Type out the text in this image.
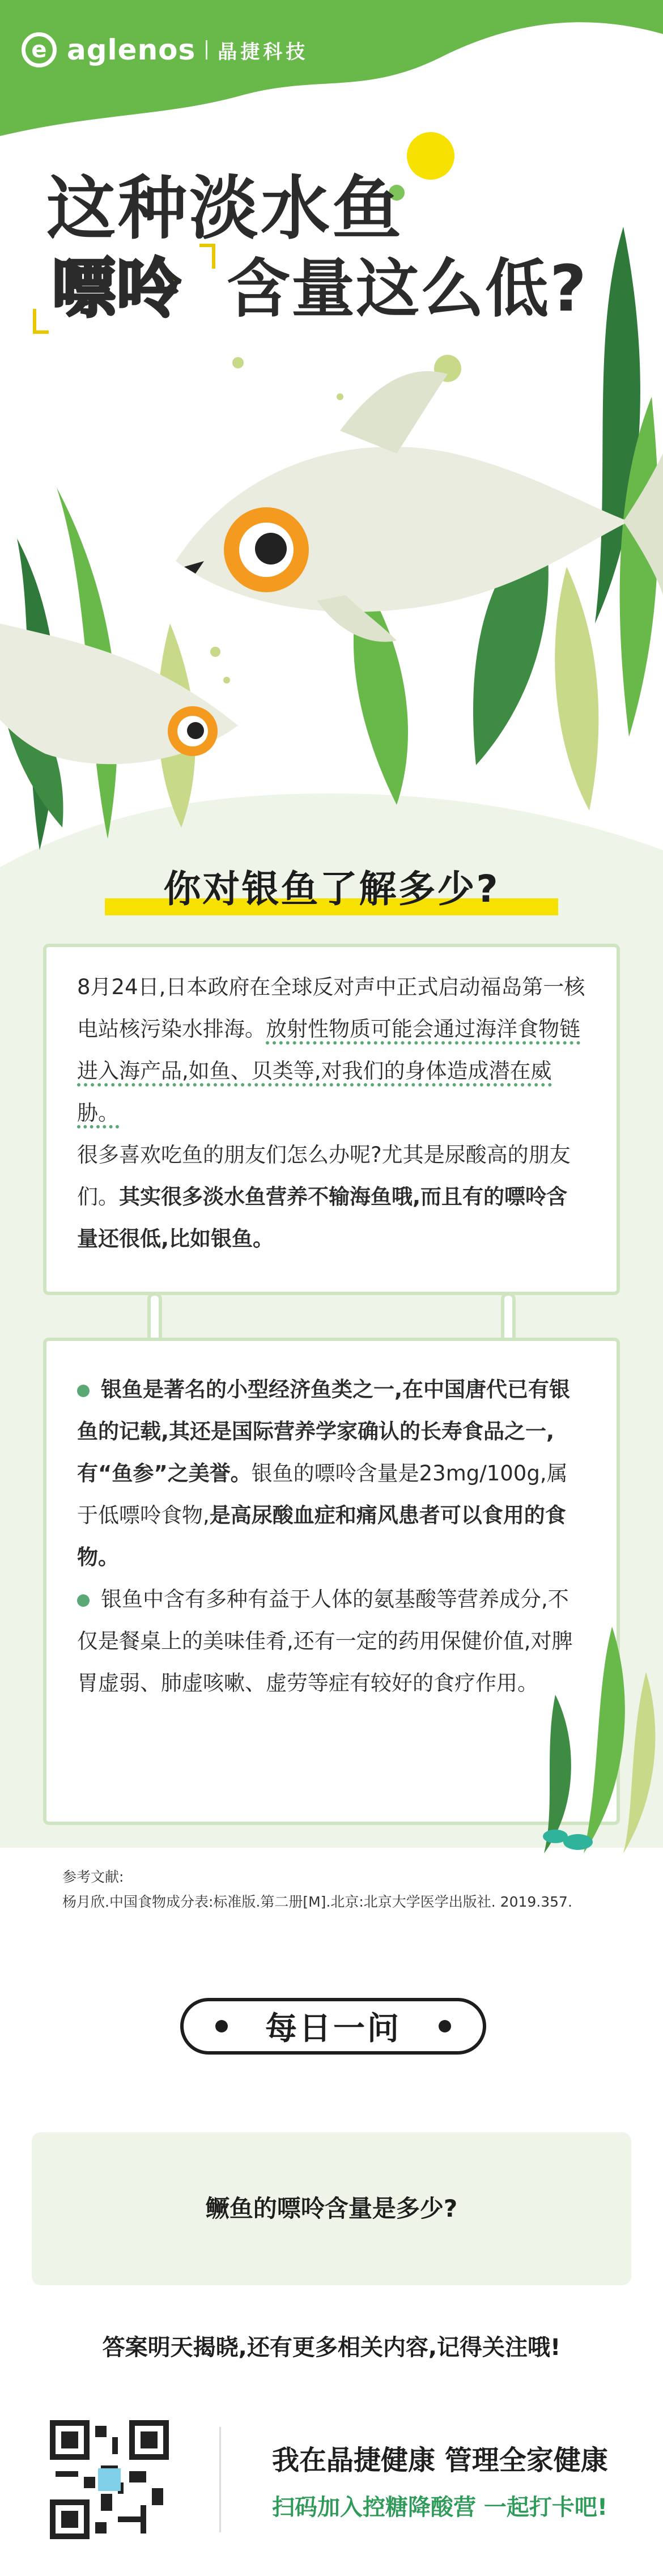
e aglenos 晶捷科技
这种淡水鱼
嘌呤 含量这么低?
你对银鱼了解多少?
8月24日,日本政府在全球反对声中正式启动福岛第一核电站核污染水排海。放射性物质可能会通过海洋食物链进入海产品,如鱼、贝类等,对我们的身体造成潜在威胁。
很多喜欢吃鱼的朋友们怎么办呢?尤其是尿酸高的朋友们。其实很多淡水鱼营养不输海鱼哦,而且有的嘌呤含量还很低,比如银鱼。
银鱼是著名的小型经济鱼类之一,在中国唐代已有银鱼的记载,其还是国际营养学家确认的长寿食品之一,有“鱼参”之美誉。银鱼的嘌呤含量是23mg/100g,属于低嘌呤食物,是高尿酸血症和痛风患者可以食用的食物。
银鱼中含有多种有益于人体的氨基酸等营养成分,不仅是餐桌上的美味佳肴,还有一定的药用保健价值,对脾胃虚弱、肺虚咳嗽、虚劳等症有较好的食疗作用。
参考文献:
杨月欣.中国食物成分表:标准版.第二册[M].北京:北京大学医学出版社. 2019.357.
每日一问
鳜鱼的嘌呤含量是多少?
答案明天揭晓,还有更多相关内容,记得关注哦!
我在晶捷健康 管理全家健康
扫码加入控糖降酸营 一起打卡吧!
